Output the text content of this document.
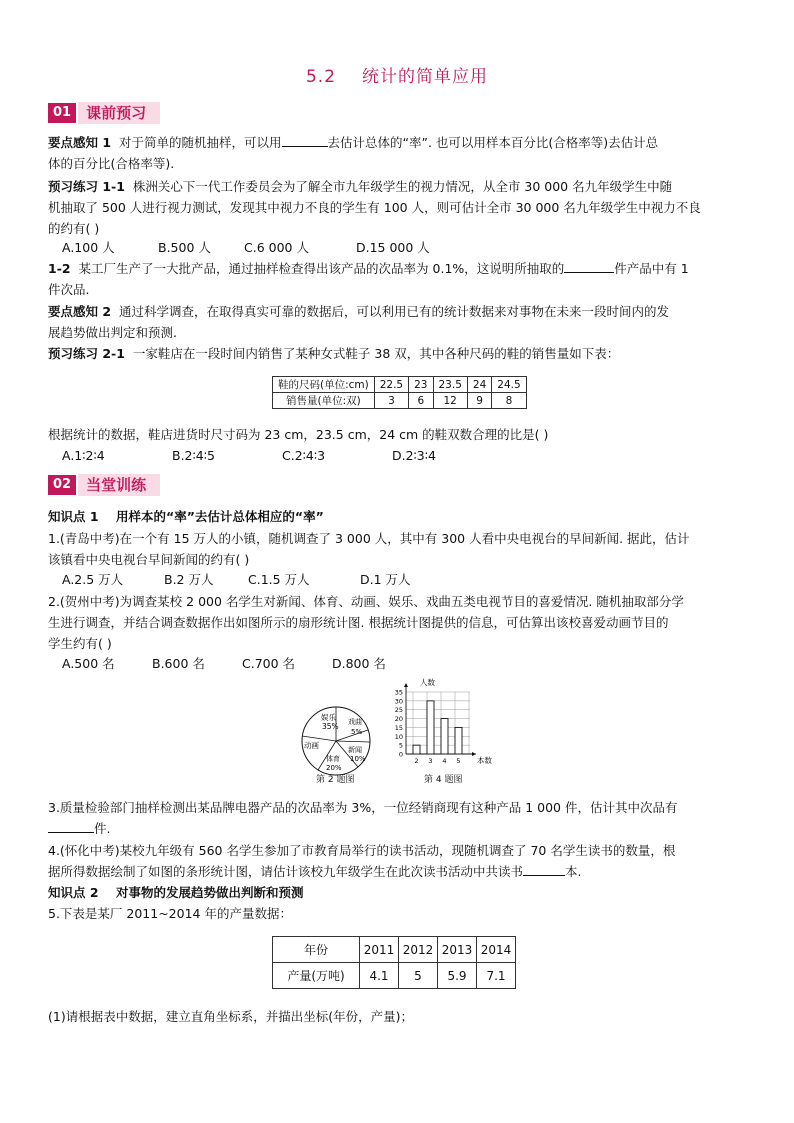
5.2 统计的简单应用
01	课前预习
要点感知 1 对于简单的随机抽样，可以用	去估计总体的“率”. 也可以用样本百分比(合格率等)去估计总
体的百分比(合格率等).
预习练习 1-1 株洲关心下一代工作委员会为了解全市九年级学生的视力情况，从全市 30 000 名九年级学生中随
机抽取了 500 人进行视力测试，发现其中视力不良的学生有 100 人，则可估计全市 30 000 名九年级学生中视力不良
的约有( )
A.100 人	B.500 人	C.6 000 人	D.15 000 人
1-2 某工厂生产了一大批产品，通过抽样检查得出该产品的次品率为 0.1%，这说明所抽取的	件产品中有 1
件次品.
要点感知 2 通过科学调查，在取得真实可靠的数据后，可以利用已有的统计数据来对事物在未来一段时间内的发
展趋势做出判定和预测.
预习练习 2-1 一家鞋店在一段时间内销售了某种女式鞋子 38 双，其中各种尺码的鞋的销售量如下表：
鞋的尺码(单位:cm)	22.5	23	23.5	24	24.5
销售量(单位:双)	3	6	12	9	8
根据统计的数据，鞋店进货时尺寸码为 23 cm，23.5 cm，24 cm 的鞋双数合理的比是( )
A.1∶2∶4	B.2∶4∶5	C.2∶4∶3	D.2∶3∶4
02	当堂训练
知识点 1 用样本的“率”去估计总体相应的“率”
1.(青岛中考)在一个有 15 万人的小镇，随机调查了 3 000 人，其中有 300 人看中央电视台的早间新闻. 据此，估计
该镇看中央电视台早间新闻的约有( )
A.2.5 万人	B.2 万人	C.1.5 万人	D.1 万人
2.(贺州中考)为调查某校 2 000 名学生对新闻、体育、动画、娱乐、戏曲五类电视节目的喜爱情况. 随机抽取部分学
生进行调查，并结合调查数据作出如图所示的扇形统计图. 根据统计图提供的信息，可估算出该校喜爱动画节目的
学生约有( )
A.500 名	B.600 名	C.700 名	D.800 名
娱乐
35% 戏曲
5%
动画	新闻
10%
体育
20%
第 2 题图
0
5
10
15
20
25
30
35
2 3 4 5
人数
本数
第 4 题图
3.质量检验部门抽样检测出某品牌电器产品的次品率为 3%，一位经销商现有这种产品 1 000 件，估计其中次品有
件.
4.(怀化中考)某校九年级有 560 名学生参加了市教育局举行的读书活动，现随机调查了 70 名学生读书的数量，根
据所得数据绘制了如图的条形统计图，请估计该校九年级学生在此次读书活动中共读书	本.
知识点 2 对事物的发展趋势做出判断和预测
5.下表是某厂 2011~2014 年的产量数据：
年份	2011	2012	2013	2014
产量(万吨)	4.1	5	5.9	7.1
(1)请根据表中数据，建立直角坐标系，并描出坐标(年份，产量)；
